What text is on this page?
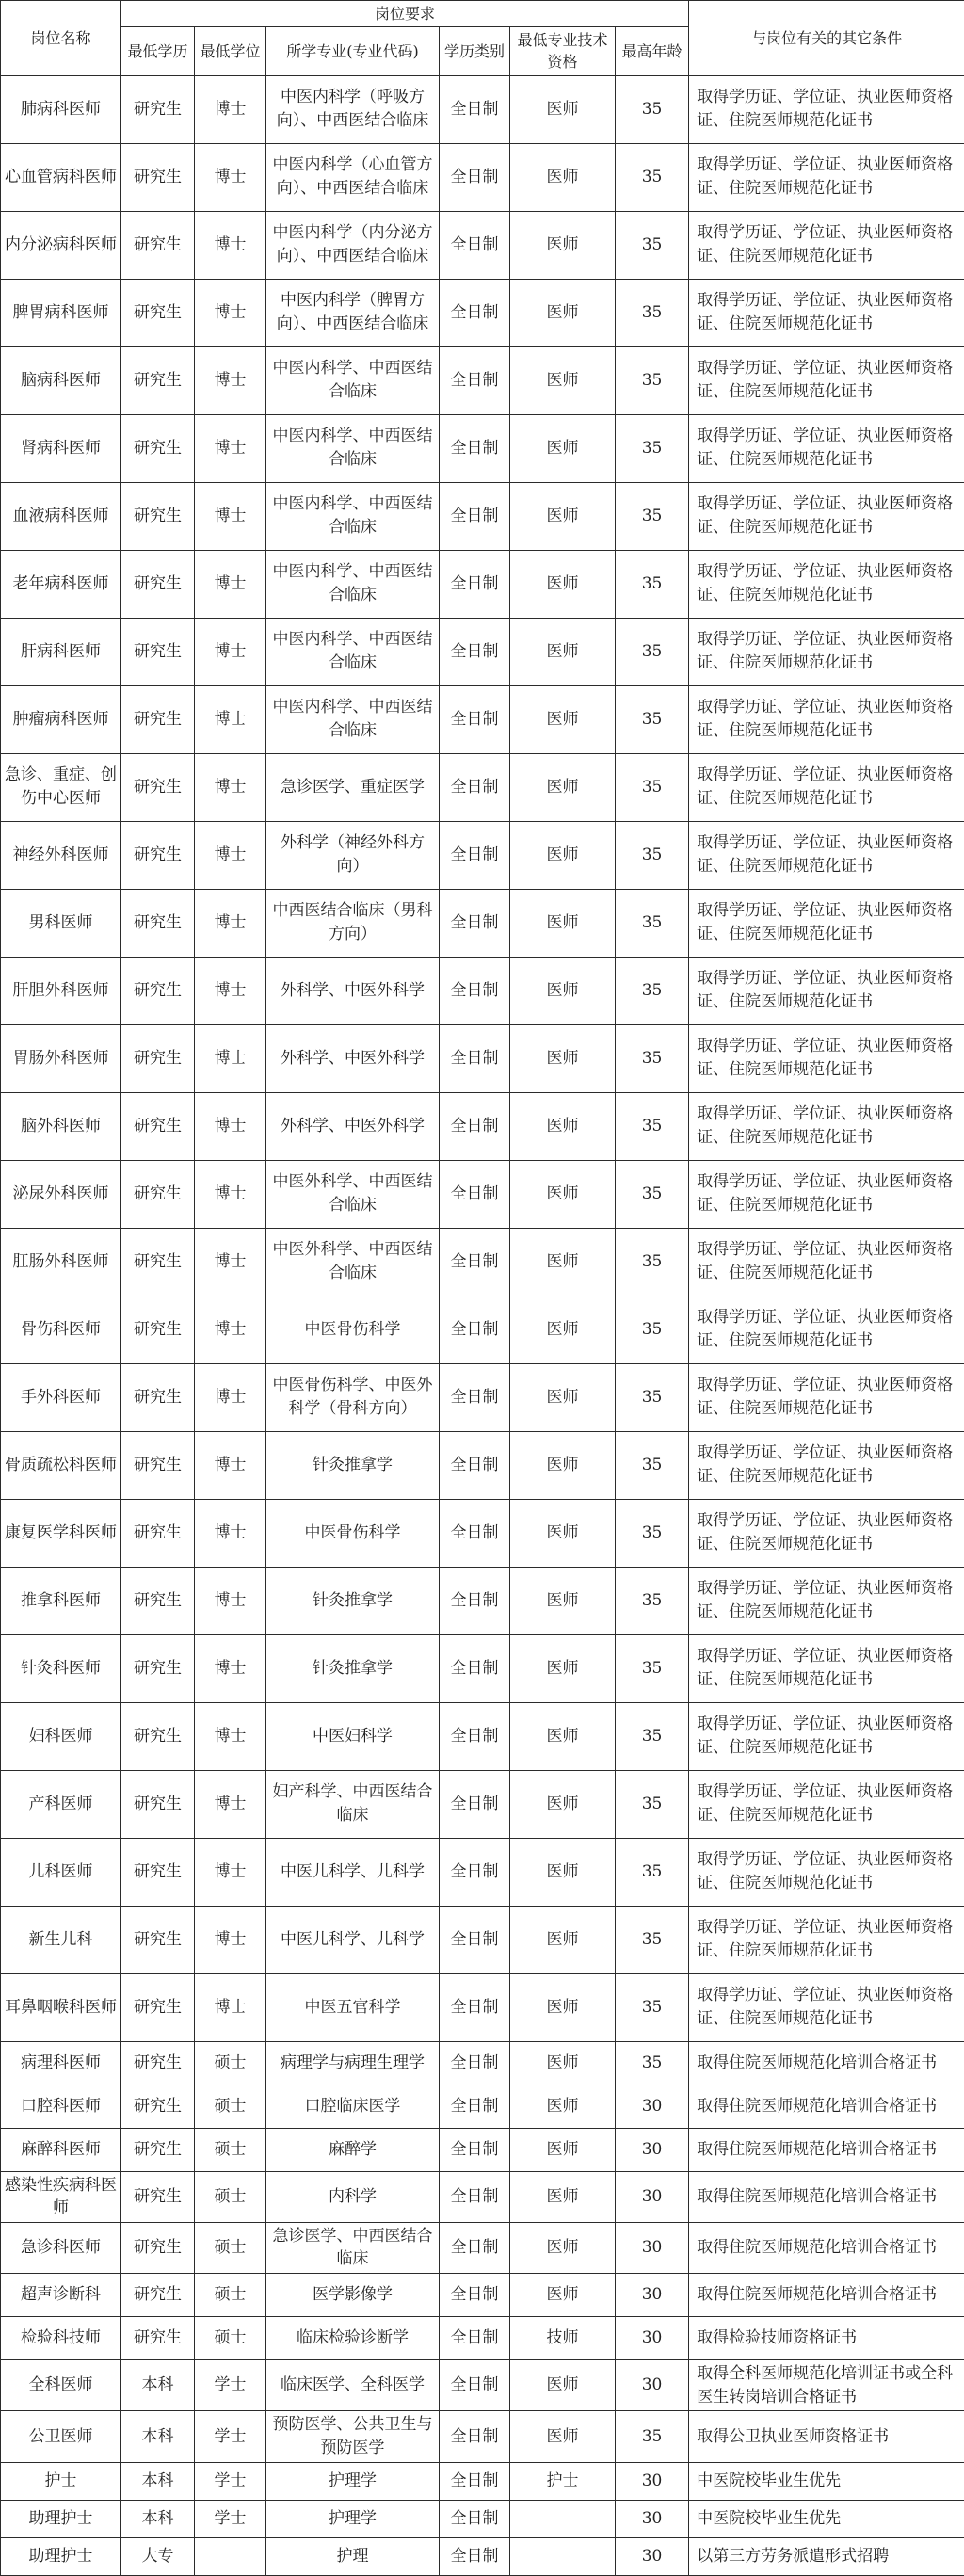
岗位名称	岗位要求						与岗位有关的其它条件
	最低学历	最低学位	所学专业(专业代码)	学历类别	最低专业技术资格	最高年龄	
肺病科医师	研究生	博士	中医内科学（呼吸方向）、中西医结合临床	全日制	医师	35	取得学历证、学位证、执业医师资格证、住院医师规范化证书
心血管病科医师	研究生	博士	中医内科学（心血管方向）、中西医结合临床	全日制	医师	35	取得学历证、学位证、执业医师资格证、住院医师规范化证书
内分泌病科医师	研究生	博士	中医内科学（内分泌方向）、中西医结合临床	全日制	医师	35	取得学历证、学位证、执业医师资格证、住院医师规范化证书
脾胃病科医师	研究生	博士	中医内科学（脾胃方向）、中西医结合临床	全日制	医师	35	取得学历证、学位证、执业医师资格证、住院医师规范化证书
脑病科医师	研究生	博士	中医内科学、中西医结合临床	全日制	医师	35	取得学历证、学位证、执业医师资格证、住院医师规范化证书
肾病科医师	研究生	博士	中医内科学、中西医结合临床	全日制	医师	35	取得学历证、学位证、执业医师资格证、住院医师规范化证书
血液病科医师	研究生	博士	中医内科学、中西医结合临床	全日制	医师	35	取得学历证、学位证、执业医师资格证、住院医师规范化证书
老年病科医师	研究生	博士	中医内科学、中西医结合临床	全日制	医师	35	取得学历证、学位证、执业医师资格证、住院医师规范化证书
肝病科医师	研究生	博士	中医内科学、中西医结合临床	全日制	医师	35	取得学历证、学位证、执业医师资格证、住院医师规范化证书
肿瘤病科医师	研究生	博士	中医内科学、中西医结合临床	全日制	医师	35	取得学历证、学位证、执业医师资格证、住院医师规范化证书
急诊、重症、创伤中心医师	研究生	博士	急诊医学、重症医学	全日制	医师	35	取得学历证、学位证、执业医师资格证、住院医师规范化证书
神经外科医师	研究生	博士	外科学（神经外科方向）	全日制	医师	35	取得学历证、学位证、执业医师资格证、住院医师规范化证书
男科医师	研究生	博士	中西医结合临床（男科方向）	全日制	医师	35	取得学历证、学位证、执业医师资格证、住院医师规范化证书
肝胆外科医师	研究生	博士	外科学、中医外科学	全日制	医师	35	取得学历证、学位证、执业医师资格证、住院医师规范化证书
胃肠外科医师	研究生	博士	外科学、中医外科学	全日制	医师	35	取得学历证、学位证、执业医师资格证、住院医师规范化证书
脑外科医师	研究生	博士	外科学、中医外科学	全日制	医师	35	取得学历证、学位证、执业医师资格证、住院医师规范化证书
泌尿外科医师	研究生	博士	中医外科学、中西医结合临床	全日制	医师	35	取得学历证、学位证、执业医师资格证、住院医师规范化证书
肛肠外科医师	研究生	博士	中医外科学、中西医结合临床	全日制	医师	35	取得学历证、学位证、执业医师资格证、住院医师规范化证书
骨伤科医师	研究生	博士	中医骨伤科学	全日制	医师	35	取得学历证、学位证、执业医师资格证、住院医师规范化证书
手外科医师	研究生	博士	中医骨伤科学、中医外科学（骨科方向）	全日制	医师	35	取得学历证、学位证、执业医师资格证、住院医师规范化证书
骨质疏松科医师	研究生	博士	针灸推拿学	全日制	医师	35	取得学历证、学位证、执业医师资格证、住院医师规范化证书
康复医学科医师	研究生	博士	中医骨伤科学	全日制	医师	35	取得学历证、学位证、执业医师资格证、住院医师规范化证书
推拿科医师	研究生	博士	针灸推拿学	全日制	医师	35	取得学历证、学位证、执业医师资格证、住院医师规范化证书
针灸科医师	研究生	博士	针灸推拿学	全日制	医师	35	取得学历证、学位证、执业医师资格证、住院医师规范化证书
妇科医师	研究生	博士	中医妇科学	全日制	医师	35	取得学历证、学位证、执业医师资格证、住院医师规范化证书
产科医师	研究生	博士	妇产科学、中西医结合临床	全日制	医师	35	取得学历证、学位证、执业医师资格证、住院医师规范化证书
儿科医师	研究生	博士	中医儿科学、儿科学	全日制	医师	35	取得学历证、学位证、执业医师资格证、住院医师规范化证书
新生儿科	研究生	博士	中医儿科学、儿科学	全日制	医师	35	取得学历证、学位证、执业医师资格证、住院医师规范化证书
耳鼻咽喉科医师	研究生	博士	中医五官科学	全日制	医师	35	取得学历证、学位证、执业医师资格证、住院医师规范化证书
病理科医师	研究生	硕士	病理学与病理生理学	全日制	医师	35	取得住院医师规范化培训合格证书
口腔科医师	研究生	硕士	口腔临床医学	全日制	医师	30	取得住院医师规范化培训合格证书
麻醉科医师	研究生	硕士	麻醉学	全日制	医师	30	取得住院医师规范化培训合格证书
感染性疾病科医师	研究生	硕士	内科学	全日制	医师	30	取得住院医师规范化培训合格证书
急诊科医师	研究生	硕士	急诊医学、中西医结合临床	全日制	医师	30	取得住院医师规范化培训合格证书
超声诊断科	研究生	硕士	医学影像学	全日制	医师	30	取得住院医师规范化培训合格证书
检验科技师	研究生	硕士	临床检验诊断学	全日制	技师	30	取得检验技师资格证书
全科医师	本科	学士	临床医学、全科医学	全日制	医师	30	取得全科医师规范化培训证书或全科医生转岗培训合格证书
公卫医师	本科	学士	预防医学、公共卫生与预防医学	全日制	医师	35	取得公卫执业医师资格证书
护士	本科	学士	护理学	全日制	护士	30	中医院校毕业生优先
助理护士	本科	学士	护理学	全日制		30	中医院校毕业生优先
助理护士	大专		护理	全日制		30	以第三方劳务派遣形式招聘
